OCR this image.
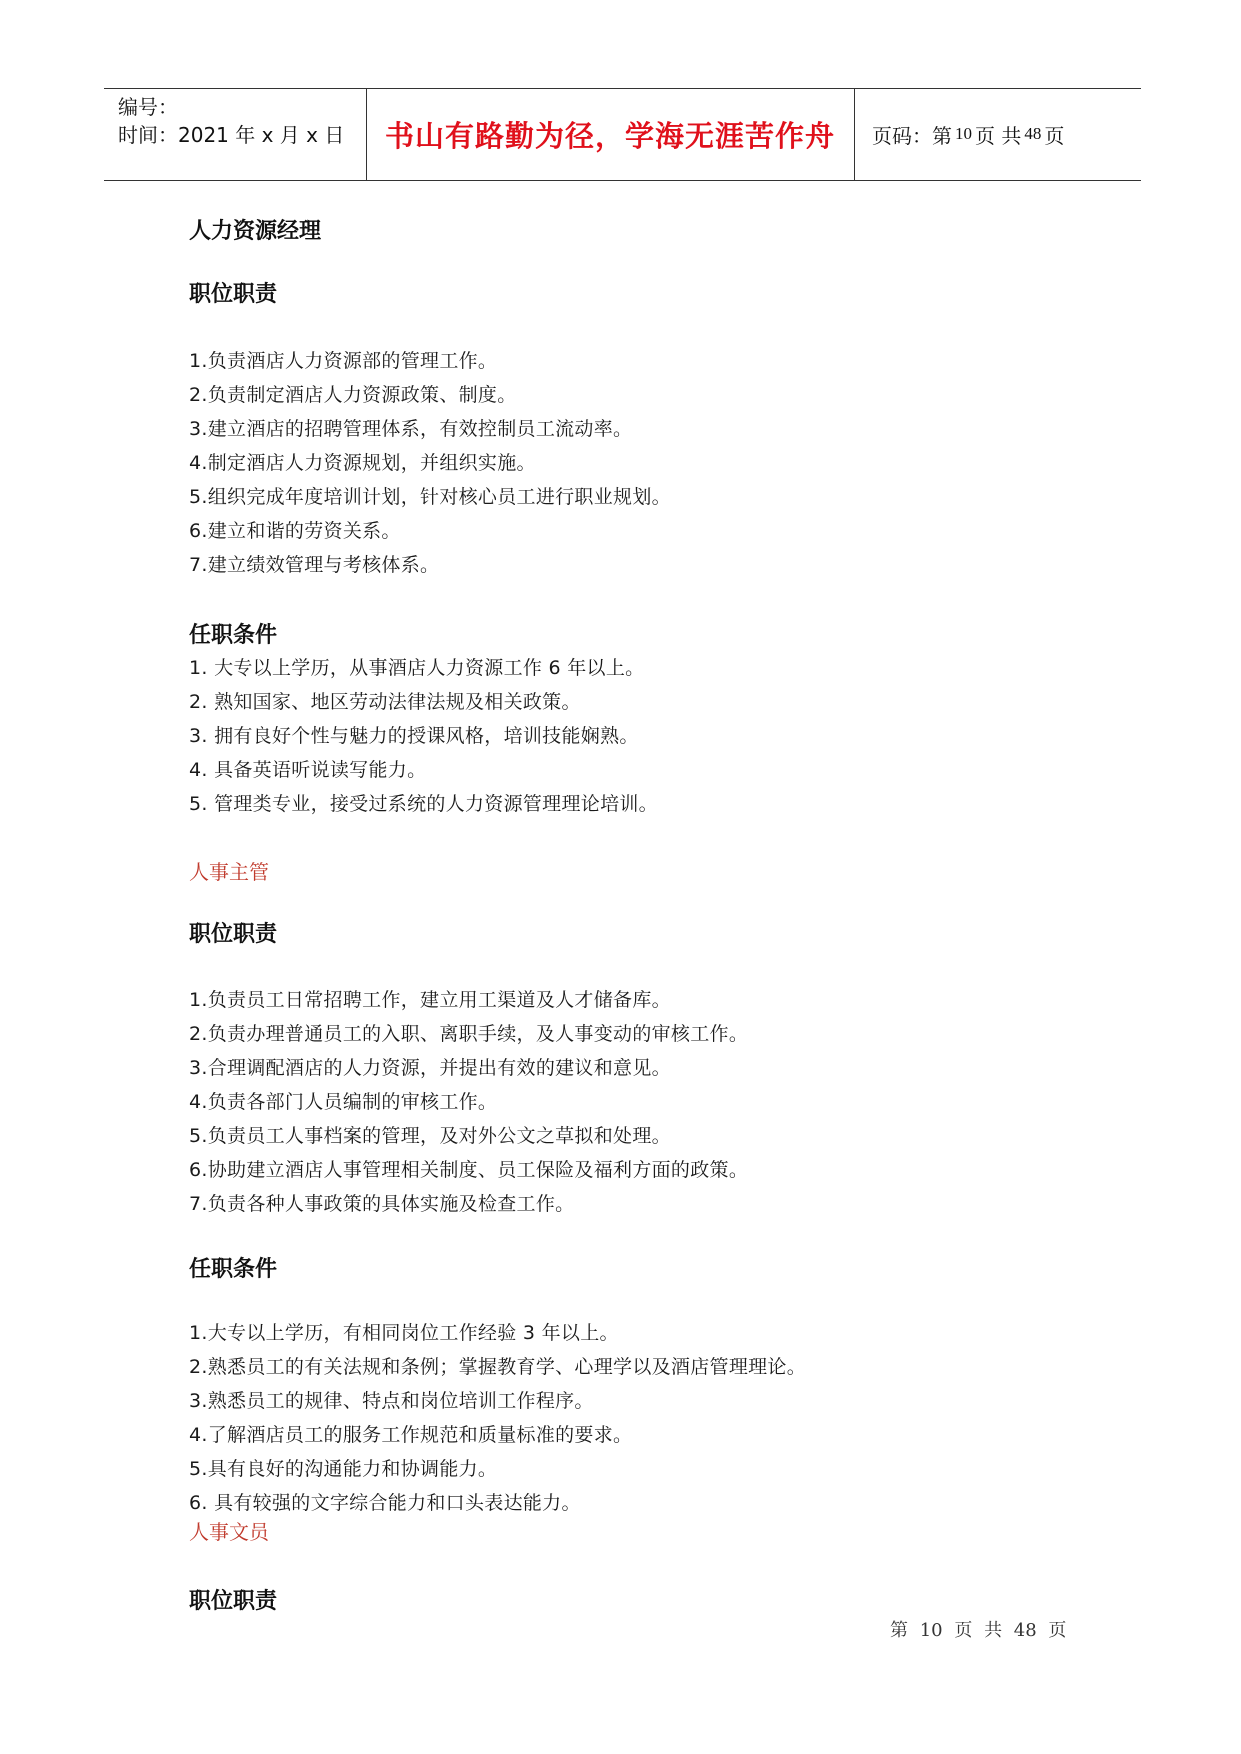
编号：
时间：2021 年 x 月 x 日	书山有路勤为径，学海无涯苦作舟	页码：第 10 页 共 48 页
人力资源经理
职位职责
1.负责酒店人力资源部的管理工作。
2.负责制定酒店人力资源政策、制度。
3.建立酒店的招聘管理体系，有效控制员工流动率。
4.制定酒店人力资源规划，并组织实施。
5.组织完成年度培训计划，针对核心员工进行职业规划。
6.建立和谐的劳资关系。
7.建立绩效管理与考核体系。
任职条件
1. 大专以上学历，从事酒店人力资源工作 6 年以上。
2. 熟知国家、地区劳动法律法规及相关政策。
3. 拥有良好个性与魅力的授课风格，培训技能娴熟。
4. 具备英语听说读写能力。
5. 管理类专业，接受过系统的人力资源管理理论培训。
人事主管
职位职责
1.负责员工日常招聘工作，建立用工渠道及人才储备库。
2.负责办理普通员工的入职、离职手续，及人事变动的审核工作。
3.合理调配酒店的人力资源，并提出有效的建议和意见。
4.负责各部门人员编制的审核工作。
5.负责员工人事档案的管理，及对外公文之草拟和处理。
6.协助建立酒店人事管理相关制度、员工保险及福利方面的政策。
7.负责各种人事政策的具体实施及检查工作。
任职条件
1.大专以上学历，有相同岗位工作经验 3 年以上。
2.熟悉员工的有关法规和条例；掌握教育学、心理学以及酒店管理理论。
3.熟悉员工的规律、特点和岗位培训工作程序。
4.了解酒店员工的服务工作规范和质量标准的要求。
5.具有良好的沟通能力和协调能力。
6. 具有较强的文字综合能力和口头表达能力。
人事文员
职位职责
第 10 页 共 48 页
